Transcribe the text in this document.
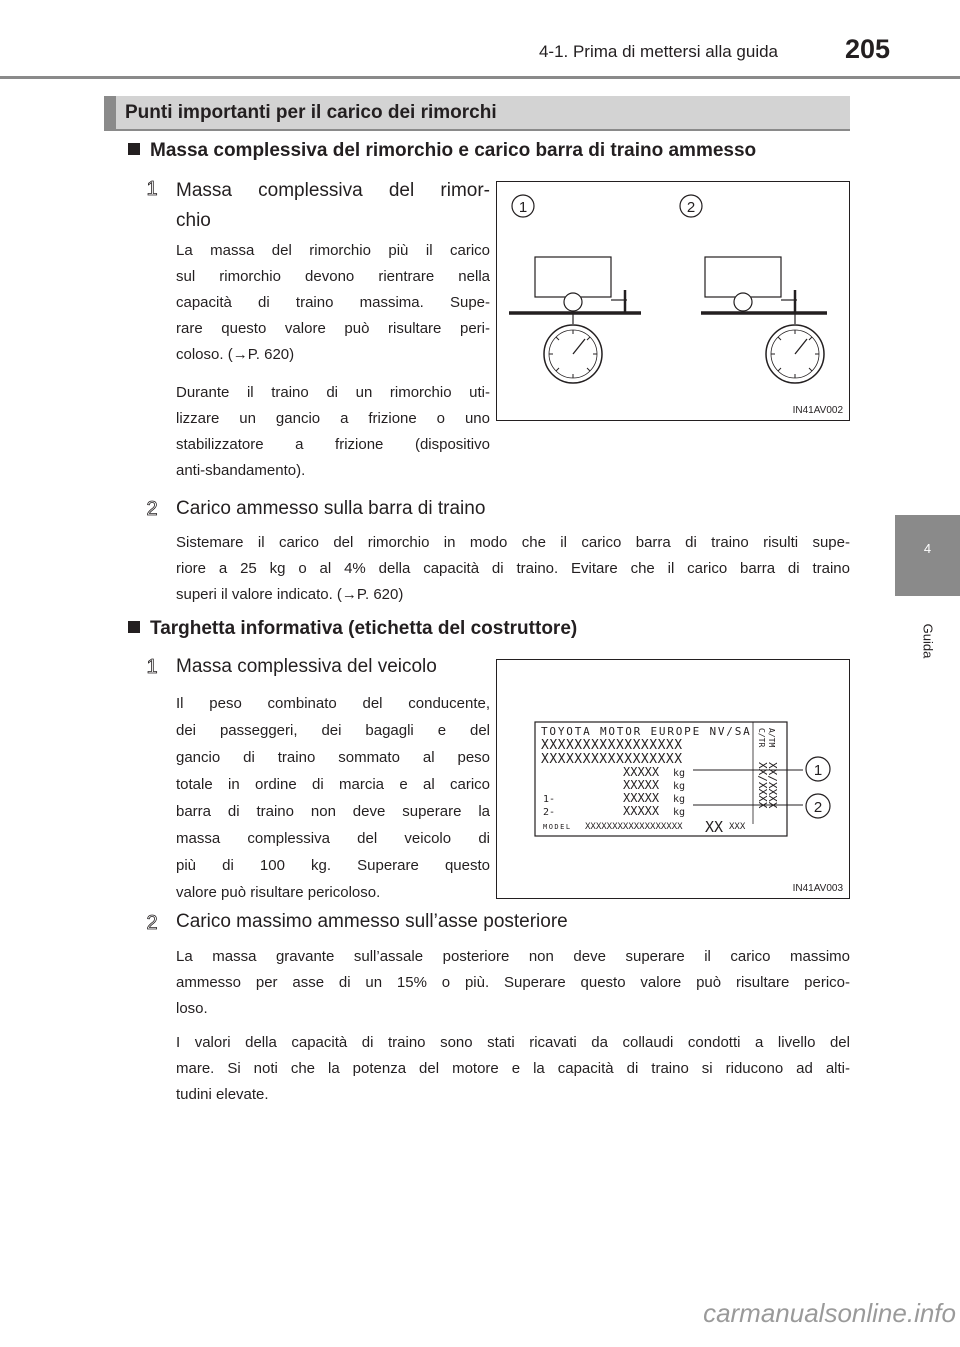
4-1. Prima di mettersi alla guida	205
4
Guida
Punti importanti per il carico dei rimorchi
Massa complessiva del rimorchio e carico barra di traino ammesso
1 Massa complessiva del rimor-
chio
La massa del rimorchio più il carico
sul rimorchio devono rientrare nella
capacità di traino massima. Supe-
rare questo valore può risultare peri-
coloso. (→P. 620)
Durante il traino di un rimorchio uti-
lizzare un gancio a frizione o uno
stabilizzatore a frizione (dispositivo
anti-sbandamento).
1	2
IN41AV002
2 Carico ammesso sulla barra di traino
Sistemare il carico del rimorchio in modo che il carico barra di traino risulti supe-
riore a 25 kg o al 4% della capacità di traino. Evitare che il carico barra di traino
superi il valore indicato. (→P. 620)
Targhetta informativa (etichetta del costruttore)
1 Massa complessiva del veicolo
Il peso combinato del conducente,
dei passeggeri, dei bagagli e del
gancio di traino sommato al peso
totale in ordine di marcia e al carico
barra di traino non deve superare la
massa complessiva del veicolo di
più di 100 kg. Superare questo
valore può risultare pericoloso.
TOYOTA MOTOR EUROPE NV/SA
XXXXXXXXXXXXXXXXX
XXXXXXXXXXXXXXXXX
XXXXX kg
XXXXX kg
1-	XXXXX kg
2-	XXXXX kg
MODEL XXXXXXXXXXXXXXXXXX XX XXX
C/TR
XX/XXXX
A/TM
XX/XXXX 1
2
IN41AV003
2 Carico massimo ammesso sull’asse posteriore
La massa gravante sull’assale posteriore non deve superare il carico massimo
ammesso per asse di un 15% o più. Superare questo valore può risultare perico-
loso.
I valori della capacità di traino sono stati ricavati da collaudi condotti a livello del
mare. Si noti che la potenza del motore e la capacità di traino si riducono ad alti-
tudini elevate.
carmanualsonline.info
